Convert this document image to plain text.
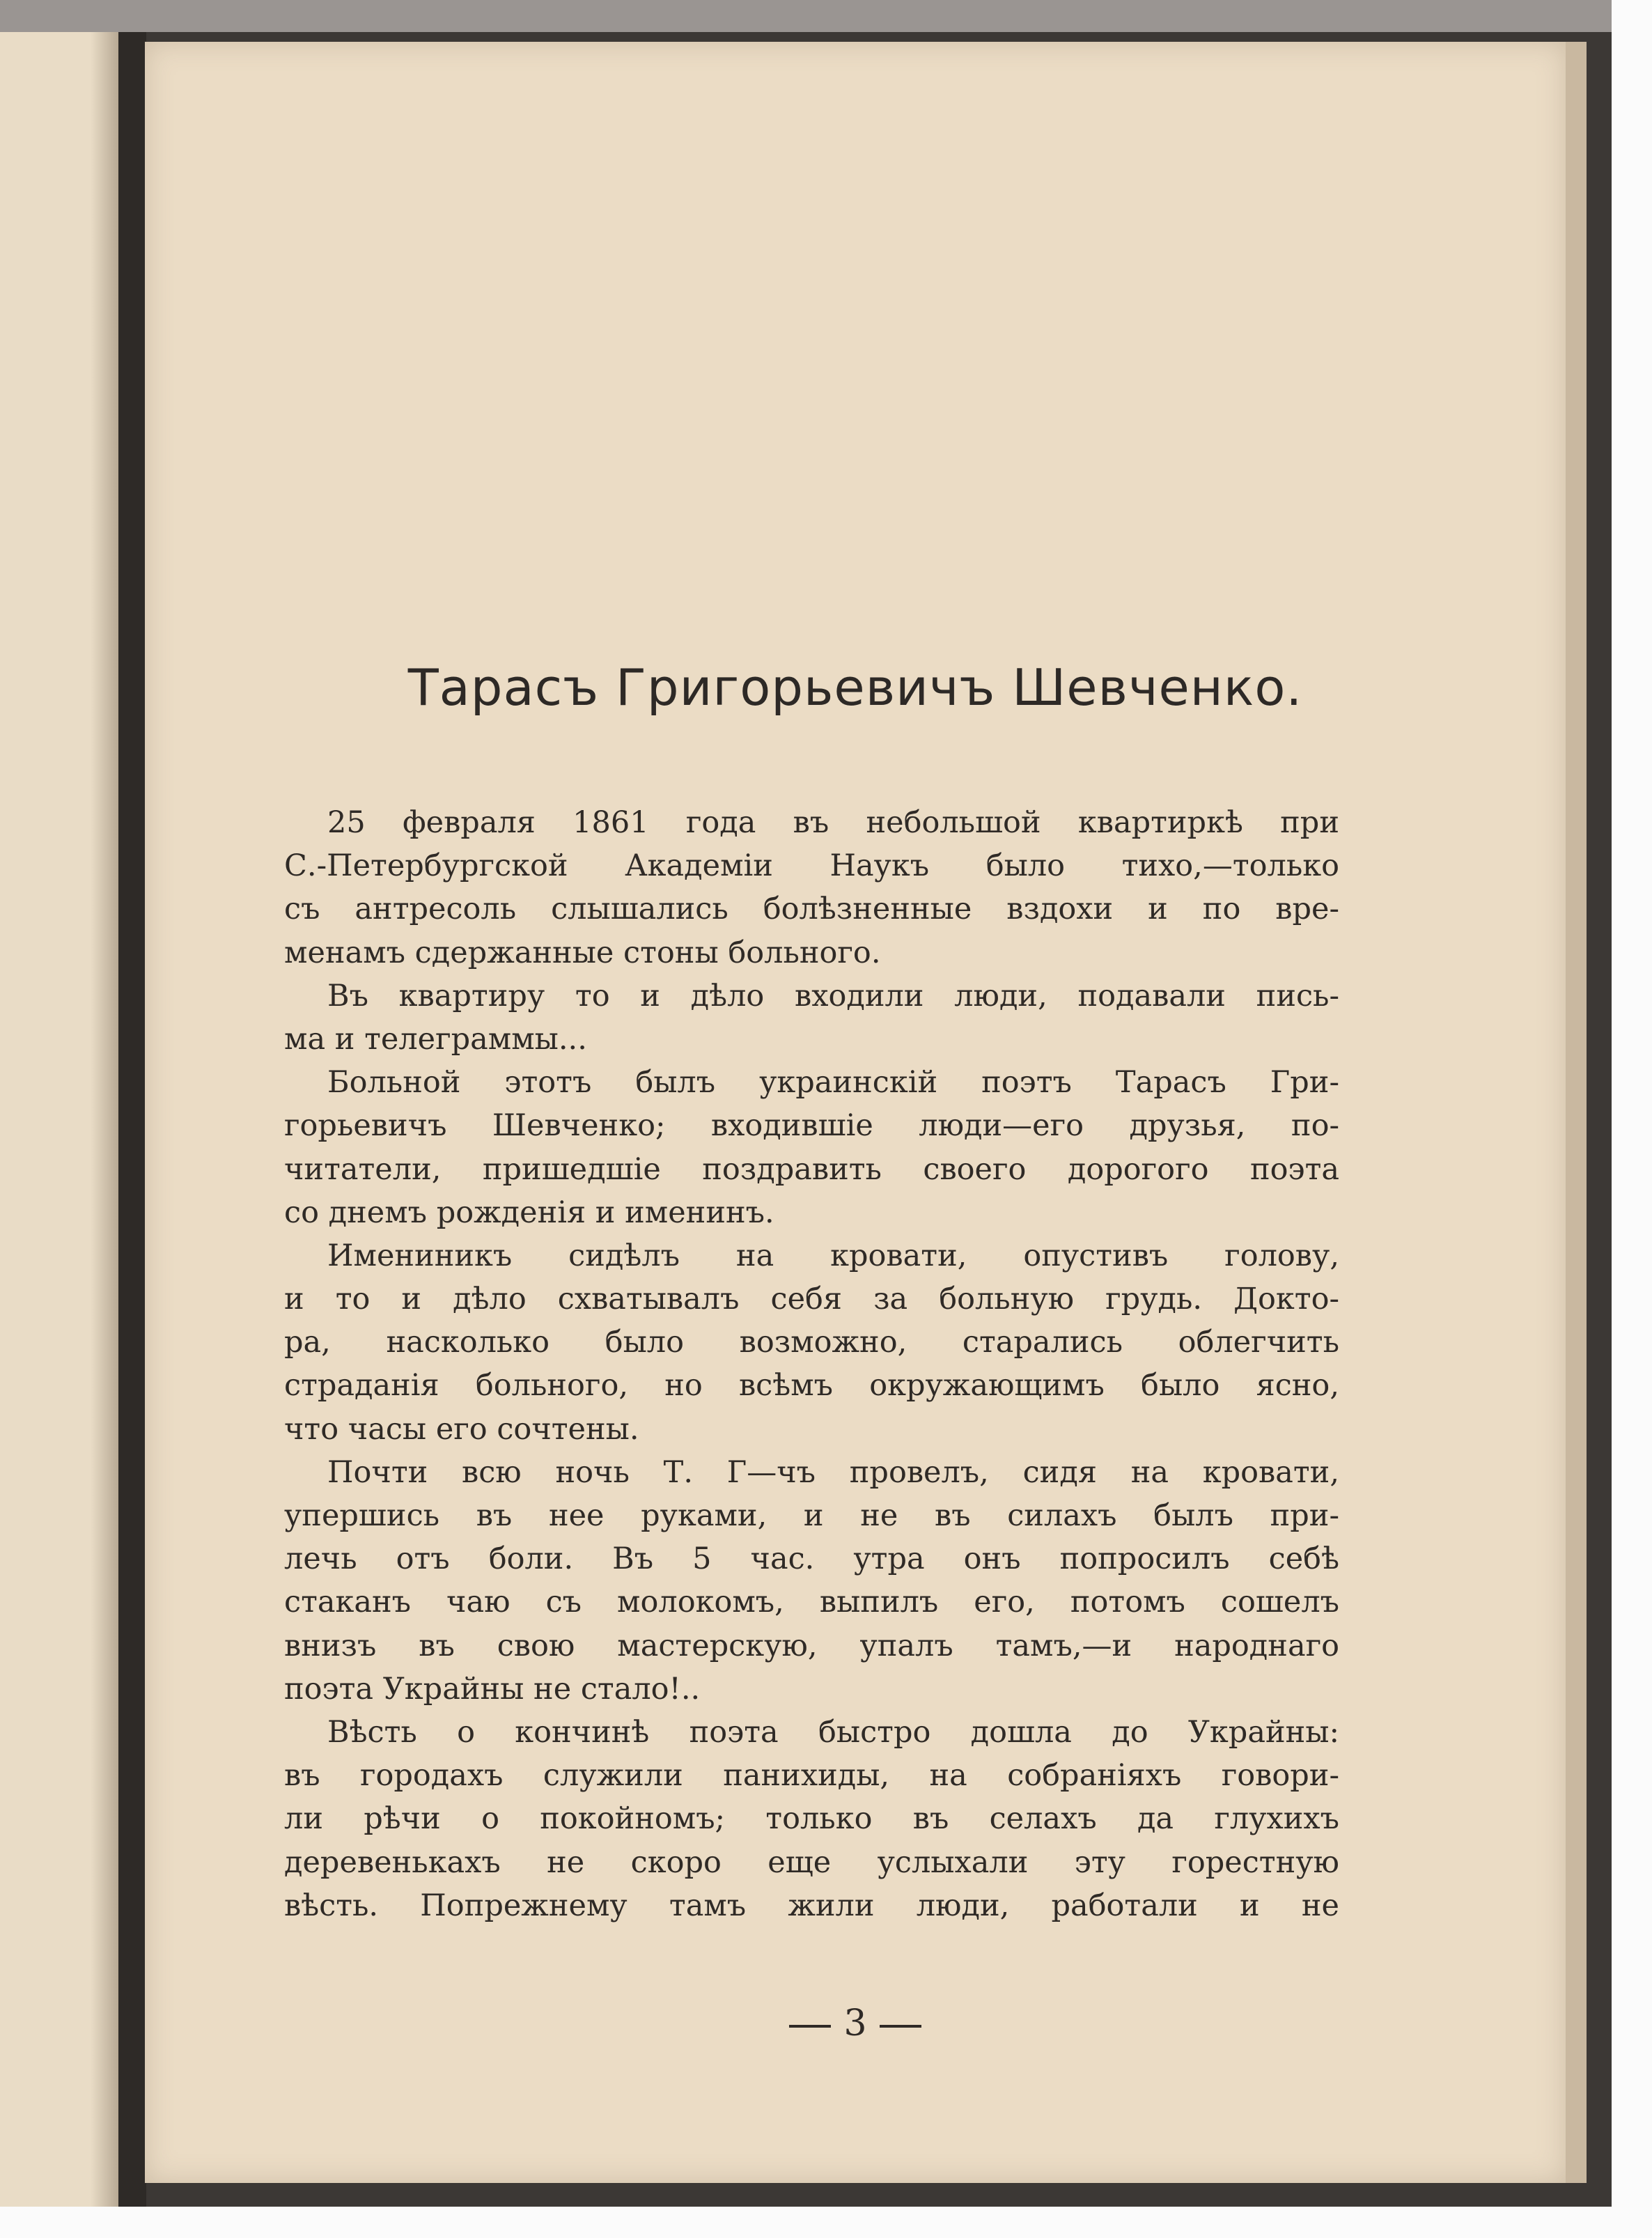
Тарасъ Григорьевичъ Шевченко.
25 февраля 1861 года въ небольшой квартиркѣ при
С.-Петербургской Академіи Наукъ было тихо,—только
съ антресоль слышались болѣзненные вздохи и по вре-
менамъ сдержанные стоны больного.
Въ квартиру то и дѣло входили люди, подавали пись-
ма и телеграммы...
Больной этотъ былъ украинскій поэтъ Тарасъ Гри-
горьевичъ Шевченко; входившіе люди—его друзья, по-
читатели, пришедшіе поздравить своего дорогого поэта
со днемъ рожденія и именинъ.
Имениникъ сидѣлъ на кровати, опустивъ голову,
и то и дѣло схватывалъ себя за больную грудь. Доктo-
ра, насколько было возможно, старались облегчить
страданія больного, но всѣмъ окружающимъ было ясно,
что часы его сочтены.
Почти всю ночь Т. Г—чъ провелъ, сидя на кровати,
упершись въ нее руками, и не въ силахъ былъ при-
лечь отъ боли. Въ 5 час. утра онъ попросилъ себѣ
стаканъ чаю съ молокомъ, выпилъ его, потомъ сошелъ
внизъ въ свою мастерскую, упалъ тамъ,—и народнаго
поэта Украйны не стало!..
Вѣсть о кончинѣ поэта быстро дошла до Украйны:
въ городахъ служили панихиды, на собраніяхъ говори-
ли рѣчи о покойномъ; только въ селахъ да глухихъ
деревенькахъ не скоро еще услыхали эту горестную
вѣсть. Попрежнему тамъ жили люди, работали и не
3
